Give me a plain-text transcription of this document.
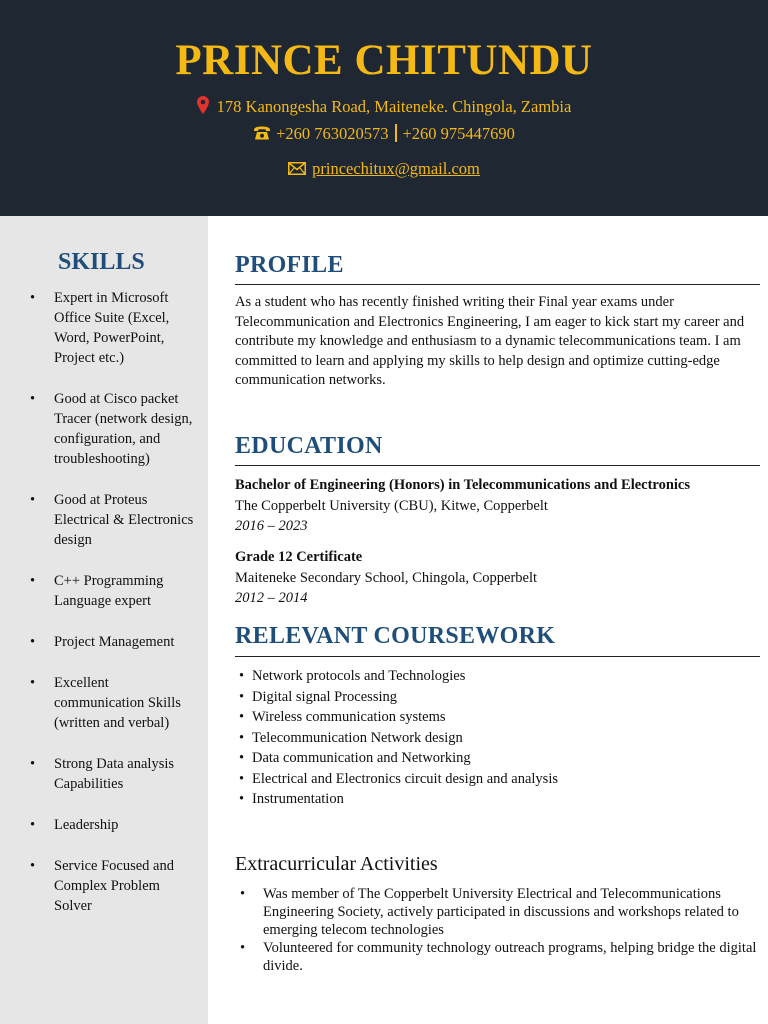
PRINCE CHITUNDU
178 Kanongesha Road, Maiteneke. Chingola, Zambia
+260 763020573 +260 975447690
princechitux@gmail.com
SKILLS
• Expert in Microsoft Office Suite (Excel, Word, PowerPoint, Project etc.)
• Good at Cisco packet Tracer (network design, configuration, and troubleshooting)
• Good at Proteus Electrical & Electronics design
• C++ Programming Language expert
• Project Management
• Excellent communication Skills (written and verbal)
• Strong Data analysis Capabilities
• Leadership
• Service Focused and Complex Problem Solver
PROFILE
As a student who has recently finished writing their Final year exams under Telecommunication and Electronics Engineering, I am eager to kick start my career and contribute my knowledge and enthusiasm to a dynamic telecommunications team. I am committed to learn and applying my skills to help design and optimize cutting-edge communication networks.
EDUCATION
Bachelor of Engineering (Honors) in Telecommunications and Electronics
The Copperbelt University (CBU), Kitwe, Copperbelt
2016 – 2023
Grade 12 Certificate
Maiteneke Secondary School, Chingola, Copperbelt
2012 – 2014
RELEVANT COURSEWORK
• Network protocols and Technologies
• Digital signal Processing
• Wireless communication systems
• Telecommunication Network design
• Data communication and Networking
• Electrical and Electronics circuit design and analysis
• Instrumentation
Extracurricular Activities
• Was member of The Copperbelt University Electrical and Telecommunications Engineering Society, actively participated in discussions and workshops related to emerging telecom technologies
• Volunteered for community technology outreach programs, helping bridge the digital divide.
